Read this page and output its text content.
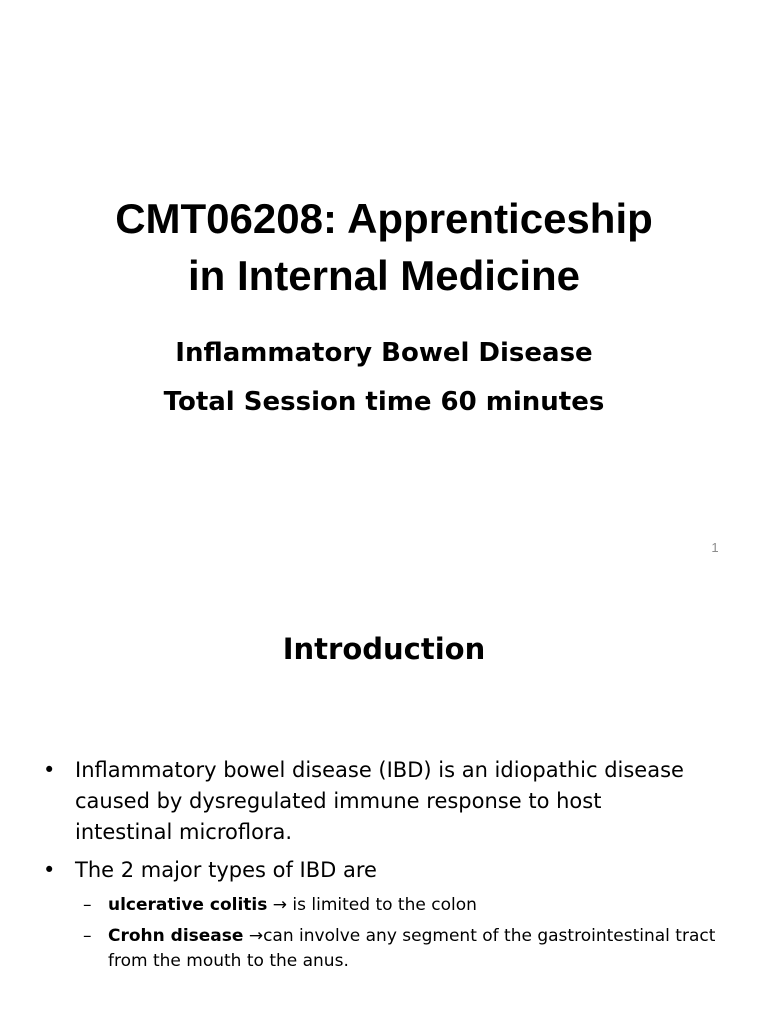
CMT06208: Apprenticeship
in Internal Medicine
Inflammatory Bowel Disease
Total Session time 60 minutes
1
Introduction
• Inflammatory bowel disease (IBD) is an idiopathic disease caused by dysregulated immune response to host intestinal microflora.
• The 2 major types of IBD are
– ulcerative colitis → is limited to the colon
– Crohn disease →can involve any segment of the gastrointestinal tract from the mouth to the anus.
